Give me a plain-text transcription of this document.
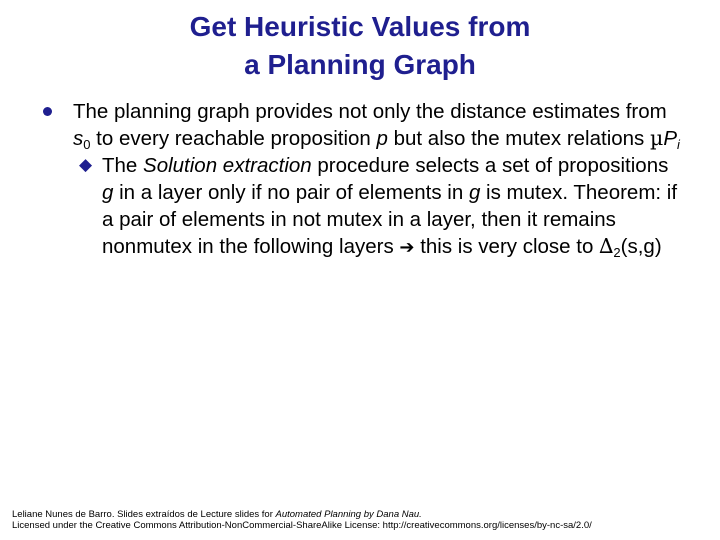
Get Heuristic Values from
a Planning Graph
The planning graph provides not only the distance estimates from $s_0$ to every reachable proposition p but also the mutex relations µP$_i$
◆ The Solution extraction procedure selects a set of propositions g in a layer only if no pair of elements in g is mutex. Theorem: if a pair of elements in not mutex in a layer, then it remains nonmutex in the following layers ➔ this is very close to $\Delta_2(s,g)$
Leliane Nunes de Barro. Slides extraídos de Lecture slides for Automated Planning by Dana Nau.
Licensed under the Creative Commons Attribution-NonCommercial-ShareAlike License: http://creativecommons.org/licenses/by-nc-sa/2.0/
